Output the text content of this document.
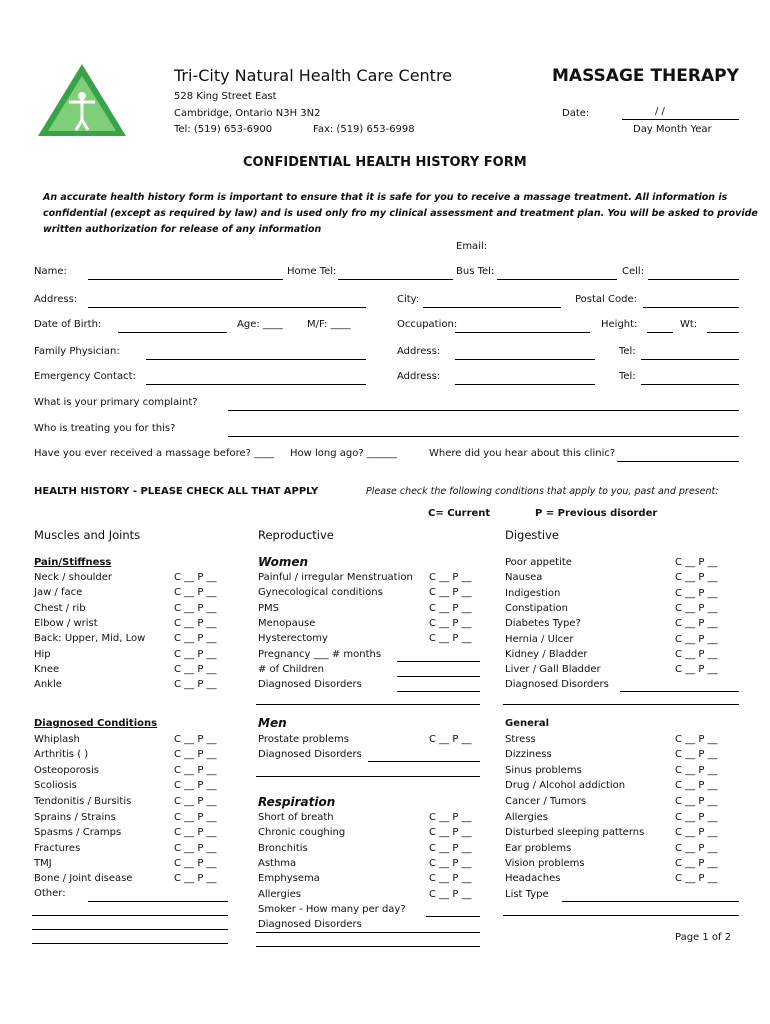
Tri-City Natural Health Care Centre	MASSAGE THERAPY
528 King Street East
Cambridge, Ontario N3H 3N2
Tel: (519) 653-6900	Fax: (519) 653-6998
Date:	/ /
Day Month Year
CONFIDENTIAL HEALTH HISTORY FORM
An accurate health history form is important to ensure that it is safe for you to receive a massage treatment. All information is
confidential (except as required by law) and is used only fro my clinical assessment and treatment plan. You will be asked to provide
written authorization for release of any information
Email:
Name:	Home Tel:	Bus Tel:	Cell:
Address:	City:	Postal Code:
Date of Birth:	Age: ____ M/F: ____	Occupation:	Height:	Wt:
Family Physician:	Address:	Tel:
Emergency Contact:	Address:	Tel:
What is your primary complaint?
Who is treating you for this?
Have you ever received a massage before? ____ How long ago? ______	Where did you hear about this clinic?
HEALTH HISTORY - PLEASE CHECK ALL THAT APPLY	Please check the following conditions that apply to you, past and present:
C= Current	P = Previous disorder
Muscles and Joints	Reproductive	Digestive
Pain/Stiffness
Neck / shoulder	C __ P __
Jaw / face	C __ P __
Chest / rib	C __ P __
Elbow / wrist	C __ P __
Back: Upper, Mid, Low	C __ P __
Hip	C __ P __
Knee	C __ P __
Ankle	C __ P __
Diagnosed Conditions
Whiplash	C __ P __
Arthritis ( )	C __ P __
Osteoporosis	C __ P __
Scoliosis	C __ P __
Tendonitis / Bursitis	C __ P __
Sprains / Strains	C __ P __
Spasms / Cramps	C __ P __
Fractures	C __ P __
TMJ	C __ P __
Bone / Joint disease	C __ P __
Other:
Women
Painful / irregular Menstruation C __ P __
Gynecological conditions	C __ P __
PMS	C __ P __
Menopause	C __ P __
Hysterectomy	C __ P __
Pregnancy ___ # months
# of Children
Diagnosed Disorders
Men
Prostate problems	C __ P __
Diagnosed Disorders
Respiration
Short of breath	C __ P __
Chronic coughing	C __ P __
Bronchitis	C __ P __
Asthma	C __ P __
Emphysema	C __ P __
Allergies	C __ P __
Smoker - How many per day?
Diagnosed Disorders
Poor appetite	C __ P __
Nausea	C __ P __
Indigestion	C __ P __
Constipation	C __ P __
Diabetes Type?	C __ P __
Hernia / Ulcer	C __ P __
Kidney / Bladder	C __ P __
Liver / Gall Bladder	C __ P __
Diagnosed Disorders
General
Stress	C __ P __
Dizziness	C __ P __
Sinus problems	C __ P __
Drug / Alcohol addiction	C __ P __
Cancer / Tumors	C __ P __
Allergies	C __ P __
Disturbed sleeping patterns	C __ P __
Ear problems	C __ P __
Vision problems	C __ P __
Headaches	C __ P __
List Type
Page 1 of 2
